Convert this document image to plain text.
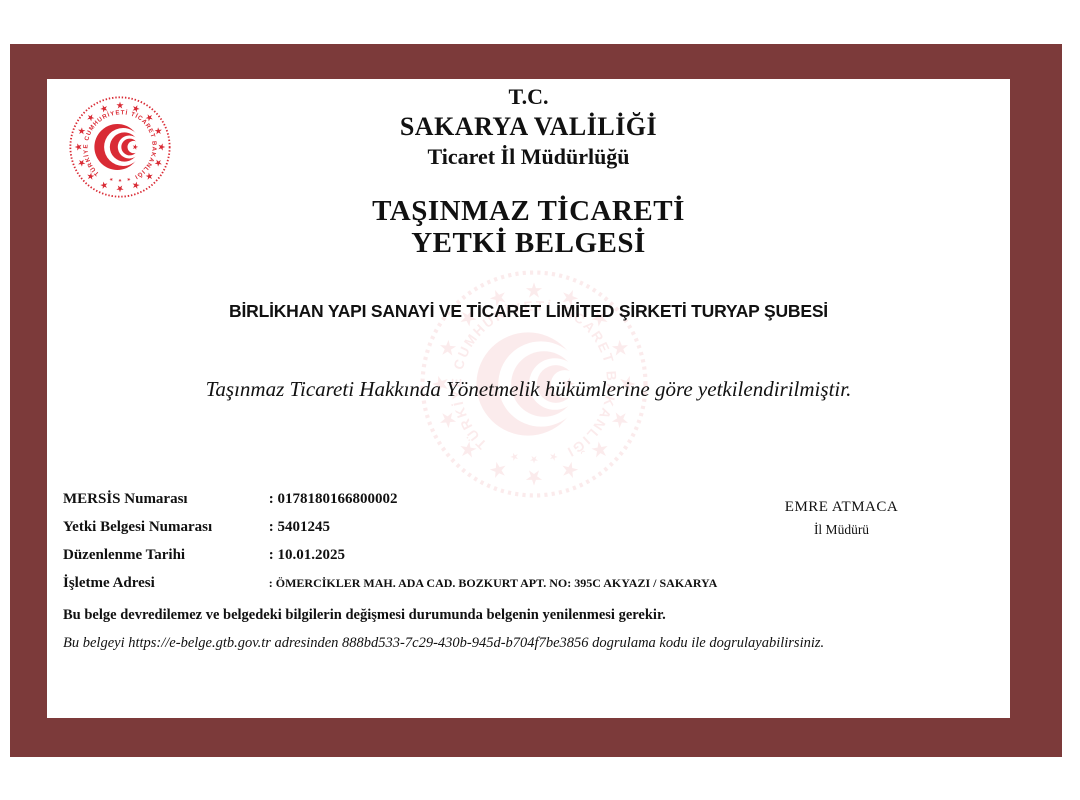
T.C.
SAKARYA VALİLİĞİ
Ticaret İl Müdürlüğü
TAŞINMAZ TİCARETİ
YETKİ BELGESİ
BİRLİKHAN YAPI SANAYİ VE TİCARET LİMİTED ŞİRKETİ TURYAP ŞUBESİ
Taşınmaz Ticareti Hakkında Yönetmelik hükümlerine göre yetkilendirilmiştir.
MERSİS Numarası	: 0178180166800002
Yetki Belgesi Numarası	: 5401245
Düzenlenme Tarihi	: 10.01.2025
İşletme Adresi	: ÖMERCİKLER MAH. ADA CAD. BOZKURT APT. NO: 395C AKYAZI / SAKARYA
EMRE ATMACA
İl Müdürü
Bu belge devredilemez ve belgedeki bilgilerin değişmesi durumunda belgenin yenilenmesi gerekir.
Bu belgeyi https://e-belge.gtb.gov.tr adresinden 888bd533-7c29-430b-945d-b704f7be3856 dogrulama kodu ile dogrulayabilirsiniz.
